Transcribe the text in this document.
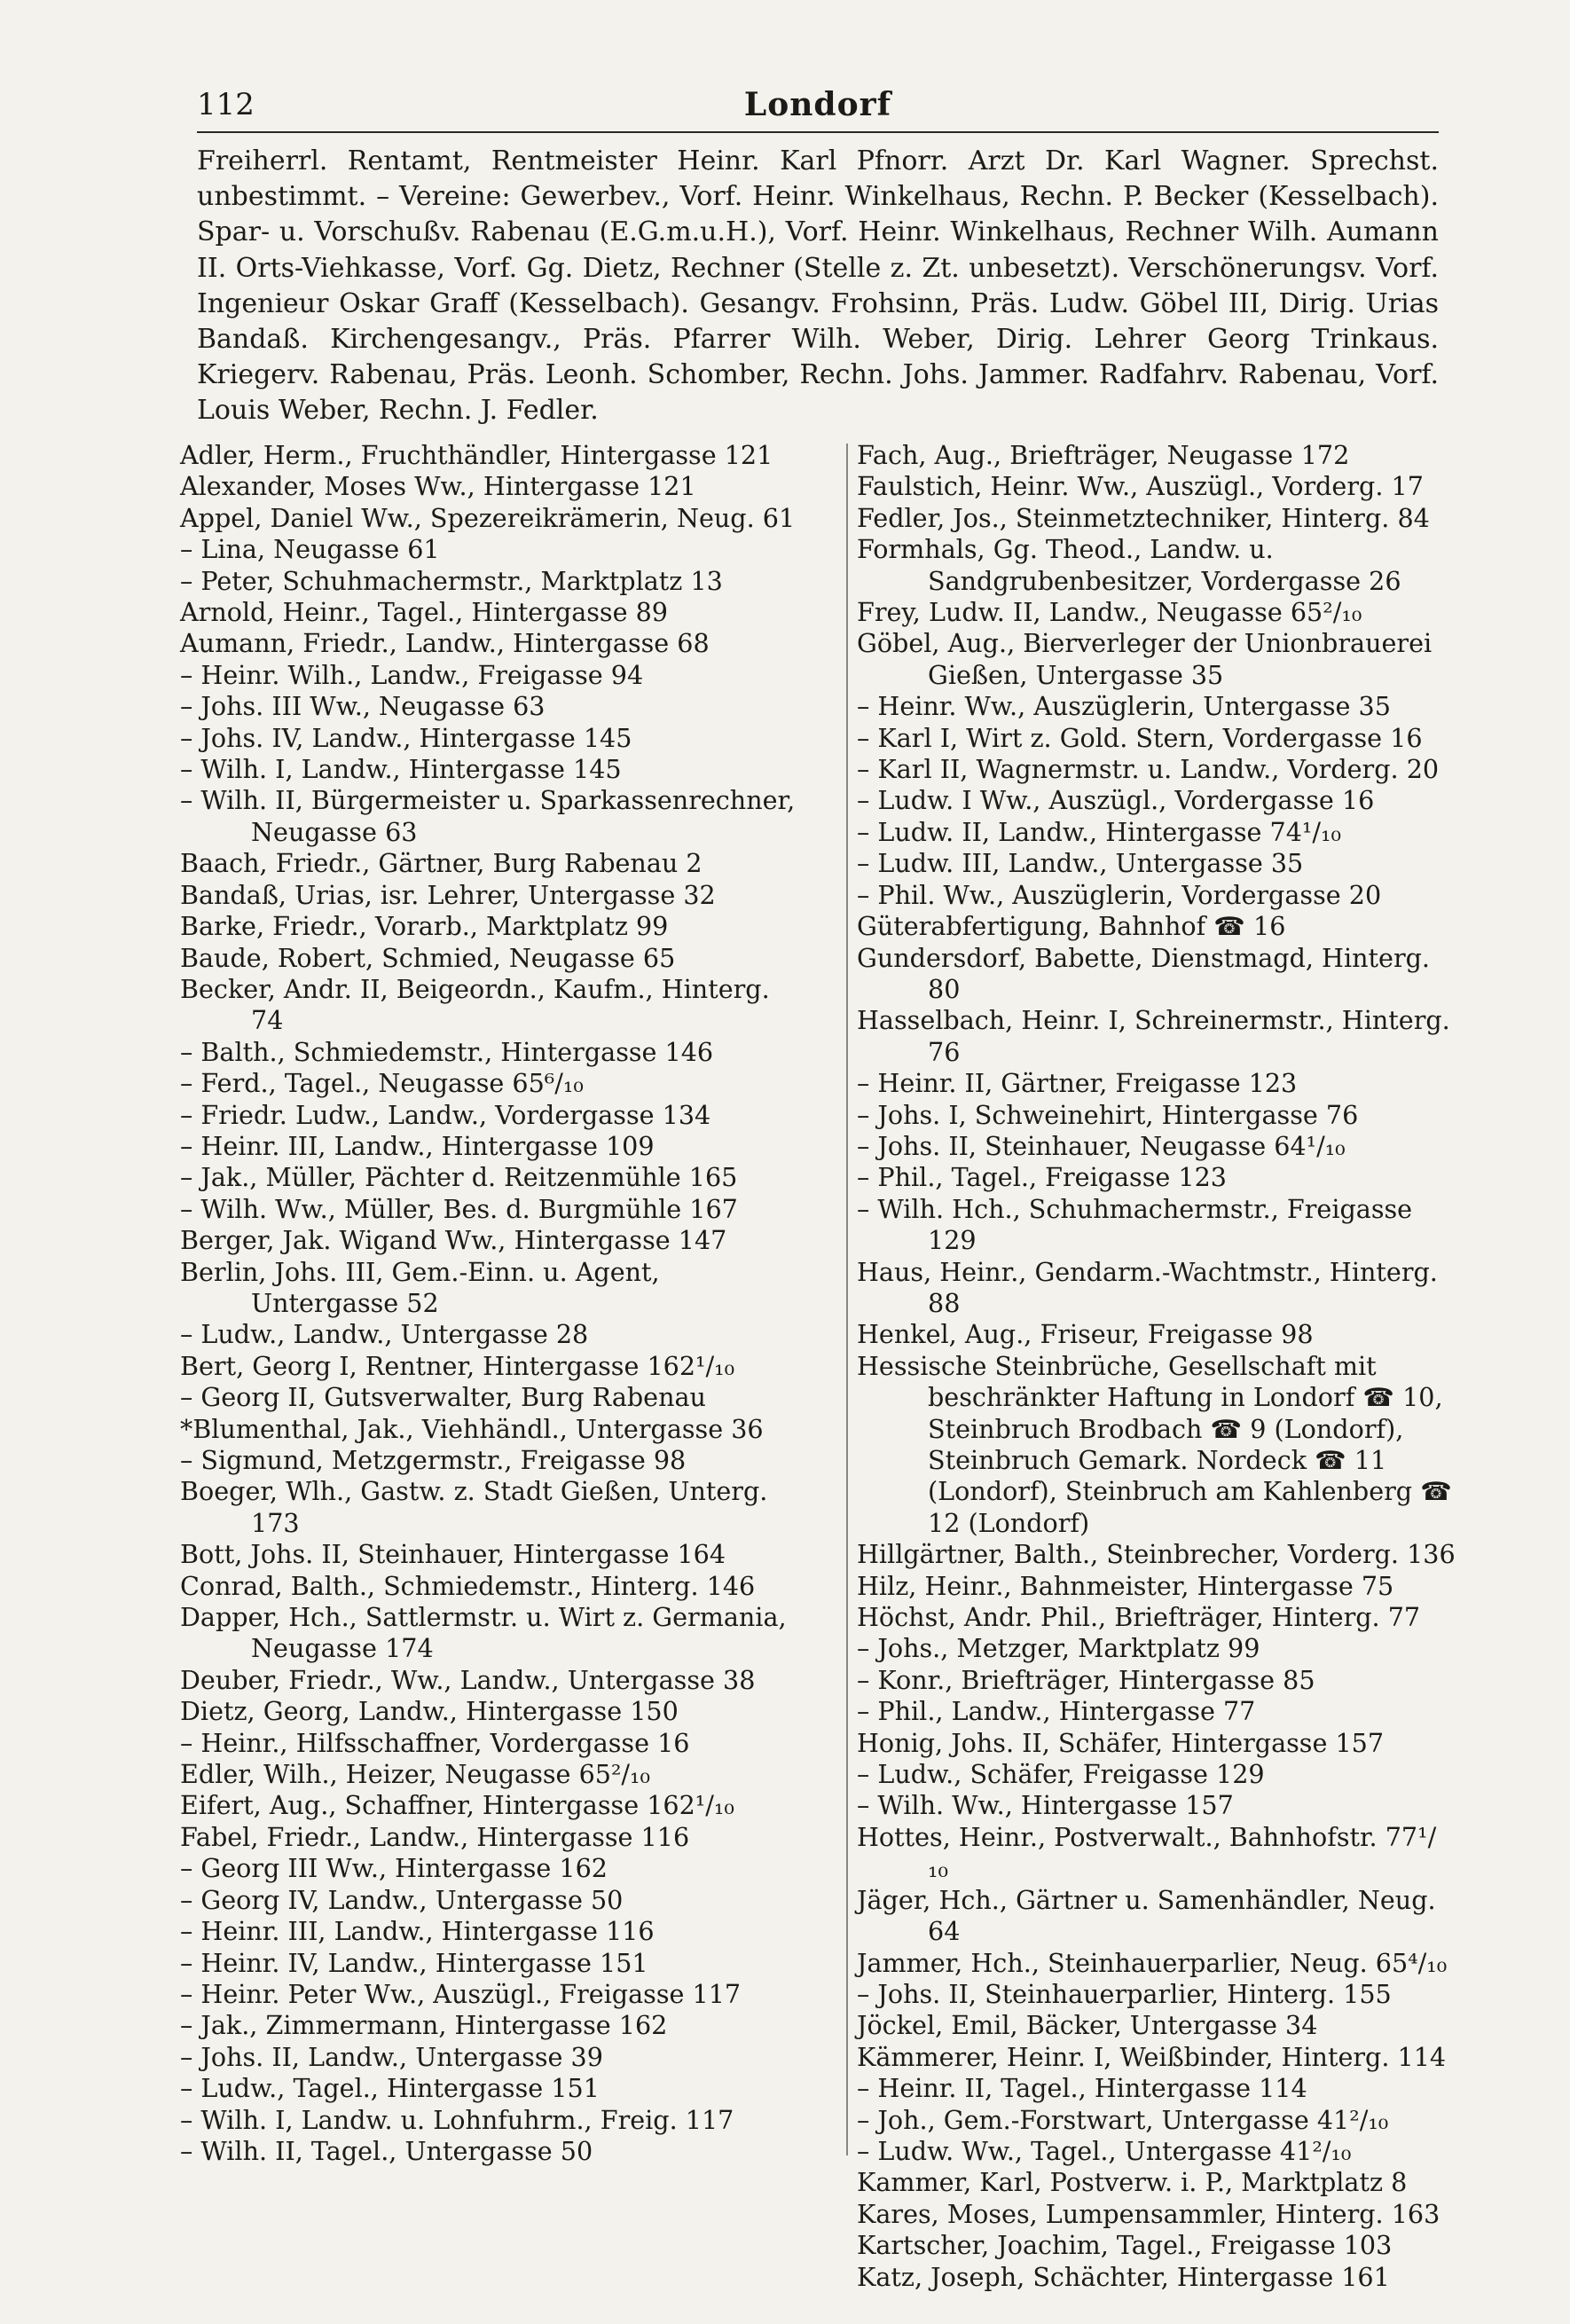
112	Londorf

Freiherrl. Rentamt, Rentmeister Heinr. Karl Pfnorr. Arzt Dr. Karl Wagner. Sprechst. unbestimmt. – Vereine: Gewerbev., Vorf. Heinr. Winkelhaus, Rechn. P. Becker (Kesselbach). Spar- u. Vorschußv. Rabenau (E.G.m.u.H.), Vorf. Heinr. Winkelhaus, Rechner Wilh. Aumann II. Orts-Viehkasse, Vorf. Gg. Dietz, Rechner (Stelle z. Zt. unbesetzt). Verschönerungsv. Vorf. Ingenieur Oskar Graff (Kesselbach). Gesangv. Frohsinn, Präs. Ludw. Göbel III, Dirig. Urias Bandaß. Kirchengesangv., Präs. Pfarrer Wilh. Weber, Dirig. Lehrer Georg Trinkaus. Kriegerv. Rabenau, Präs. Leonh. Schomber, Rechn. Johs. Jammer. Radfahrv. Rabenau, Vorf. Louis Weber, Rechn. J. Fedler.

Adler, Herm., Fruchthändler, Hintergasse 121

Alexander, Moses Ww., Hintergasse 121

Appel, Daniel Ww., Spezereikrämerin, Neug. 61

– Lina, Neugasse 61

– Peter, Schuhmachermstr., Marktplatz 13

Arnold, Heinr., Tagel., Hintergasse 89

Aumann, Friedr., Landw., Hintergasse 68

– Heinr. Wilh., Landw., Freigasse 94

– Johs. III Ww., Neugasse 63

– Johs. IV, Landw., Hintergasse 145

– Wilh. I, Landw., Hintergasse 145

– Wilh. II, Bürgermeister u. Sparkassenrechner, Neugasse 63

Baach, Friedr., Gärtner, Burg Rabenau 2

Bandaß, Urias, isr. Lehrer, Untergasse 32

Barke, Friedr., Vorarb., Marktplatz 99

Baude, Robert, Schmied, Neugasse 65

Becker, Andr. II, Beigeordn., Kaufm., Hinterg. 74

– Balth., Schmiedemstr., Hintergasse 146

– Ferd., Tagel., Neugasse 65⁶/₁₀

– Friedr. Ludw., Landw., Vordergasse 134

– Heinr. III, Landw., Hintergasse 109

– Jak., Müller, Pächter d. Reitzenmühle 165

– Wilh. Ww., Müller, Bes. d. Burgmühle 167

Berger, Jak. Wigand Ww., Hintergasse 147

Berlin, Johs. III, Gem.-Einn. u. Agent, Untergasse 52

– Ludw., Landw., Untergasse 28

Bert, Georg I, Rentner, Hintergasse 162¹/₁₀

– Georg II, Gutsverwalter, Burg Rabenau

*Blumenthal, Jak., Viehhändl., Untergasse 36

– Sigmund, Metzgermstr., Freigasse 98

Boeger, Wlh., Gastw. z. Stadt Gießen, Unterg. 173

Bott, Johs. II, Steinhauer, Hintergasse 164

Conrad, Balth., Schmiedemstr., Hinterg. 146

Dapper, Hch., Sattlermstr. u. Wirt z. Germania, Neugasse 174

Deuber, Friedr., Ww., Landw., Untergasse 38

Dietz, Georg, Landw., Hintergasse 150

– Heinr., Hilfsschaffner, Vordergasse 16

Edler, Wilh., Heizer, Neugasse 65²/₁₀

Eifert, Aug., Schaffner, Hintergasse 162¹/₁₀

Fabel, Friedr., Landw., Hintergasse 116

– Georg III Ww., Hintergasse 162

– Georg IV, Landw., Untergasse 50

– Heinr. III, Landw., Hintergasse 116

– Heinr. IV, Landw., Hintergasse 151

– Heinr. Peter Ww., Auszügl., Freigasse 117

– Jak., Zimmermann, Hintergasse 162

– Johs. II, Landw., Untergasse 39

– Ludw., Tagel., Hintergasse 151

– Wilh. I, Landw. u. Lohnfuhrm., Freig. 117

– Wilh. II, Tagel., Untergasse 50

Fach, Aug., Briefträger, Neugasse 172

Faulstich, Heinr. Ww., Auszügl., Vorderg. 17

Fedler, Jos., Steinmetztechniker, Hinterg. 84

Formhals, Gg. Theod., Landw. u. Sandgrubenbesitzer, Vordergasse 26

Frey, Ludw. II, Landw., Neugasse 65²/₁₀

Göbel, Aug., Bierverleger der Unionbrauerei Gießen, Untergasse 35

– Heinr. Ww., Auszüglerin, Untergasse 35

– Karl I, Wirt z. Gold. Stern, Vordergasse 16

– Karl II, Wagnermstr. u. Landw., Vorderg. 20

– Ludw. I Ww., Auszügl., Vordergasse 16

– Ludw. II, Landw., Hintergasse 74¹/₁₀

– Ludw. III, Landw., Untergasse 35

– Phil. Ww., Auszüglerin, Vordergasse 20

Güterabfertigung, Bahnhof ☎ 16

Gundersdorf, Babette, Dienstmagd, Hinterg. 80

Hasselbach, Heinr. I, Schreinermstr., Hinterg. 76

– Heinr. II, Gärtner, Freigasse 123

– Johs. I, Schweinehirt, Hintergasse 76

– Johs. II, Steinhauer, Neugasse 64¹/₁₀

– Phil., Tagel., Freigasse 123

– Wilh. Hch., Schuhmachermstr., Freigasse 129

Haus, Heinr., Gendarm.-Wachtmstr., Hinterg. 88

Henkel, Aug., Friseur, Freigasse 98

Hessische Steinbrüche, Gesellschaft mit beschränkter Haftung in Londorf ☎ 10, Steinbruch Brodbach ☎ 9 (Londorf), Steinbruch Gemark. Nordeck ☎ 11 (Londorf), Steinbruch am Kahlenberg ☎ 12 (Londorf)

Hillgärtner, Balth., Steinbrecher, Vorderg. 136

Hilz, Heinr., Bahnmeister, Hintergasse 75

Höchst, Andr. Phil., Briefträger, Hinterg. 77

– Johs., Metzger, Marktplatz 99

– Konr., Briefträger, Hintergasse 85

– Phil., Landw., Hintergasse 77

Honig, Johs. II, Schäfer, Hintergasse 157

– Ludw., Schäfer, Freigasse 129

– Wilh. Ww., Hintergasse 157

Hottes, Heinr., Postverwalt., Bahnhofstr. 77¹/₁₀

Jäger, Hch., Gärtner u. Samenhändler, Neug. 64

Jammer, Hch., Steinhauerparlier, Neug. 65⁴/₁₀

– Johs. II, Steinhauerparlier, Hinterg. 155

Jöckel, Emil, Bäcker, Untergasse 34

Kämmerer, Heinr. I, Weißbinder, Hinterg. 114

– Heinr. II, Tagel., Hintergasse 114

– Joh., Gem.-Forstwart, Untergasse 41²/₁₀

– Ludw. Ww., Tagel., Untergasse 41²/₁₀

Kammer, Karl, Postverw. i. P., Marktplatz 8

Kares, Moses, Lumpensammler, Hinterg. 163

Kartscher, Joachim, Tagel., Freigasse 103

Katz, Joseph, Schächter, Hintergasse 161
